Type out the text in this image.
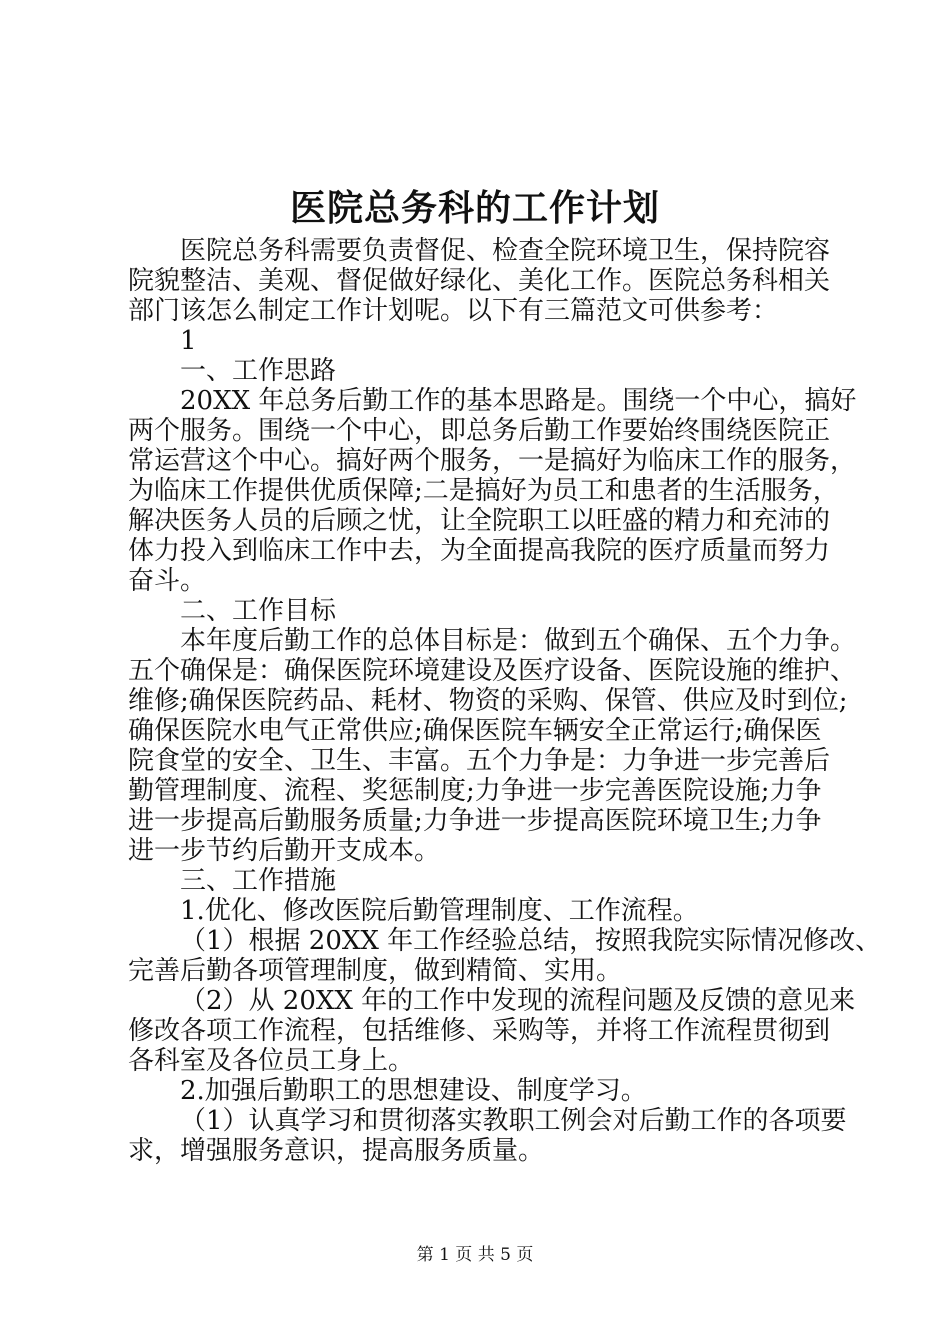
医院总务科的工作计划
医院总务科需要负责督促、检查全院环境卫生，保持院容
院貌整洁、美观、督促做好绿化、美化工作。医院总务科相关
部门该怎么制定工作计划呢。以下有三篇范文可供参考：
1
一、工作思路
20XX 年总务后勤工作的基本思路是。围绕一个中心，搞好
两个服务。围绕一个中心，即总务后勤工作要始终围绕医院正
常运营这个中心。搞好两个服务，一是搞好为临床工作的服务，
为临床工作提供优质保障;二是搞好为员工和患者的生活服务，
解决医务人员的后顾之忧，让全院职工以旺盛的精力和充沛的
体力投入到临床工作中去，为全面提高我院的医疗质量而努力
奋斗。
二、工作目标
本年度后勤工作的总体目标是：做到五个确保、五个力争。
五个确保是：确保医院环境建设及医疗设备、医院设施的维护、
维修;确保医院药品、耗材、物资的采购、保管、供应及时到位;
确保医院水电气正常供应;确保医院车辆安全正常运行;确保医
院食堂的安全、卫生、丰富。五个力争是：力争进一步完善后
勤管理制度、流程、奖惩制度;力争进一步完善医院设施;力争
进一步提高后勤服务质量;力争进一步提高医院环境卫生;力争
进一步节约后勤开支成本。
三、工作措施
1.优化、修改医院后勤管理制度、工作流程。
（1）根据 20XX 年工作经验总结，按照我院实际情况修改、
完善后勤各项管理制度，做到精简、实用。
（2）从 20XX 年的工作中发现的流程问题及反馈的意见来
修改各项工作流程，包括维修、采购等，并将工作流程贯彻到
各科室及各位员工身上。
2.加强后勤职工的思想建设、制度学习。
（1）认真学习和贯彻落实教职工例会对后勤工作的各项要
求，增强服务意识，提高服务质量。
第 1 页 共 5 页
